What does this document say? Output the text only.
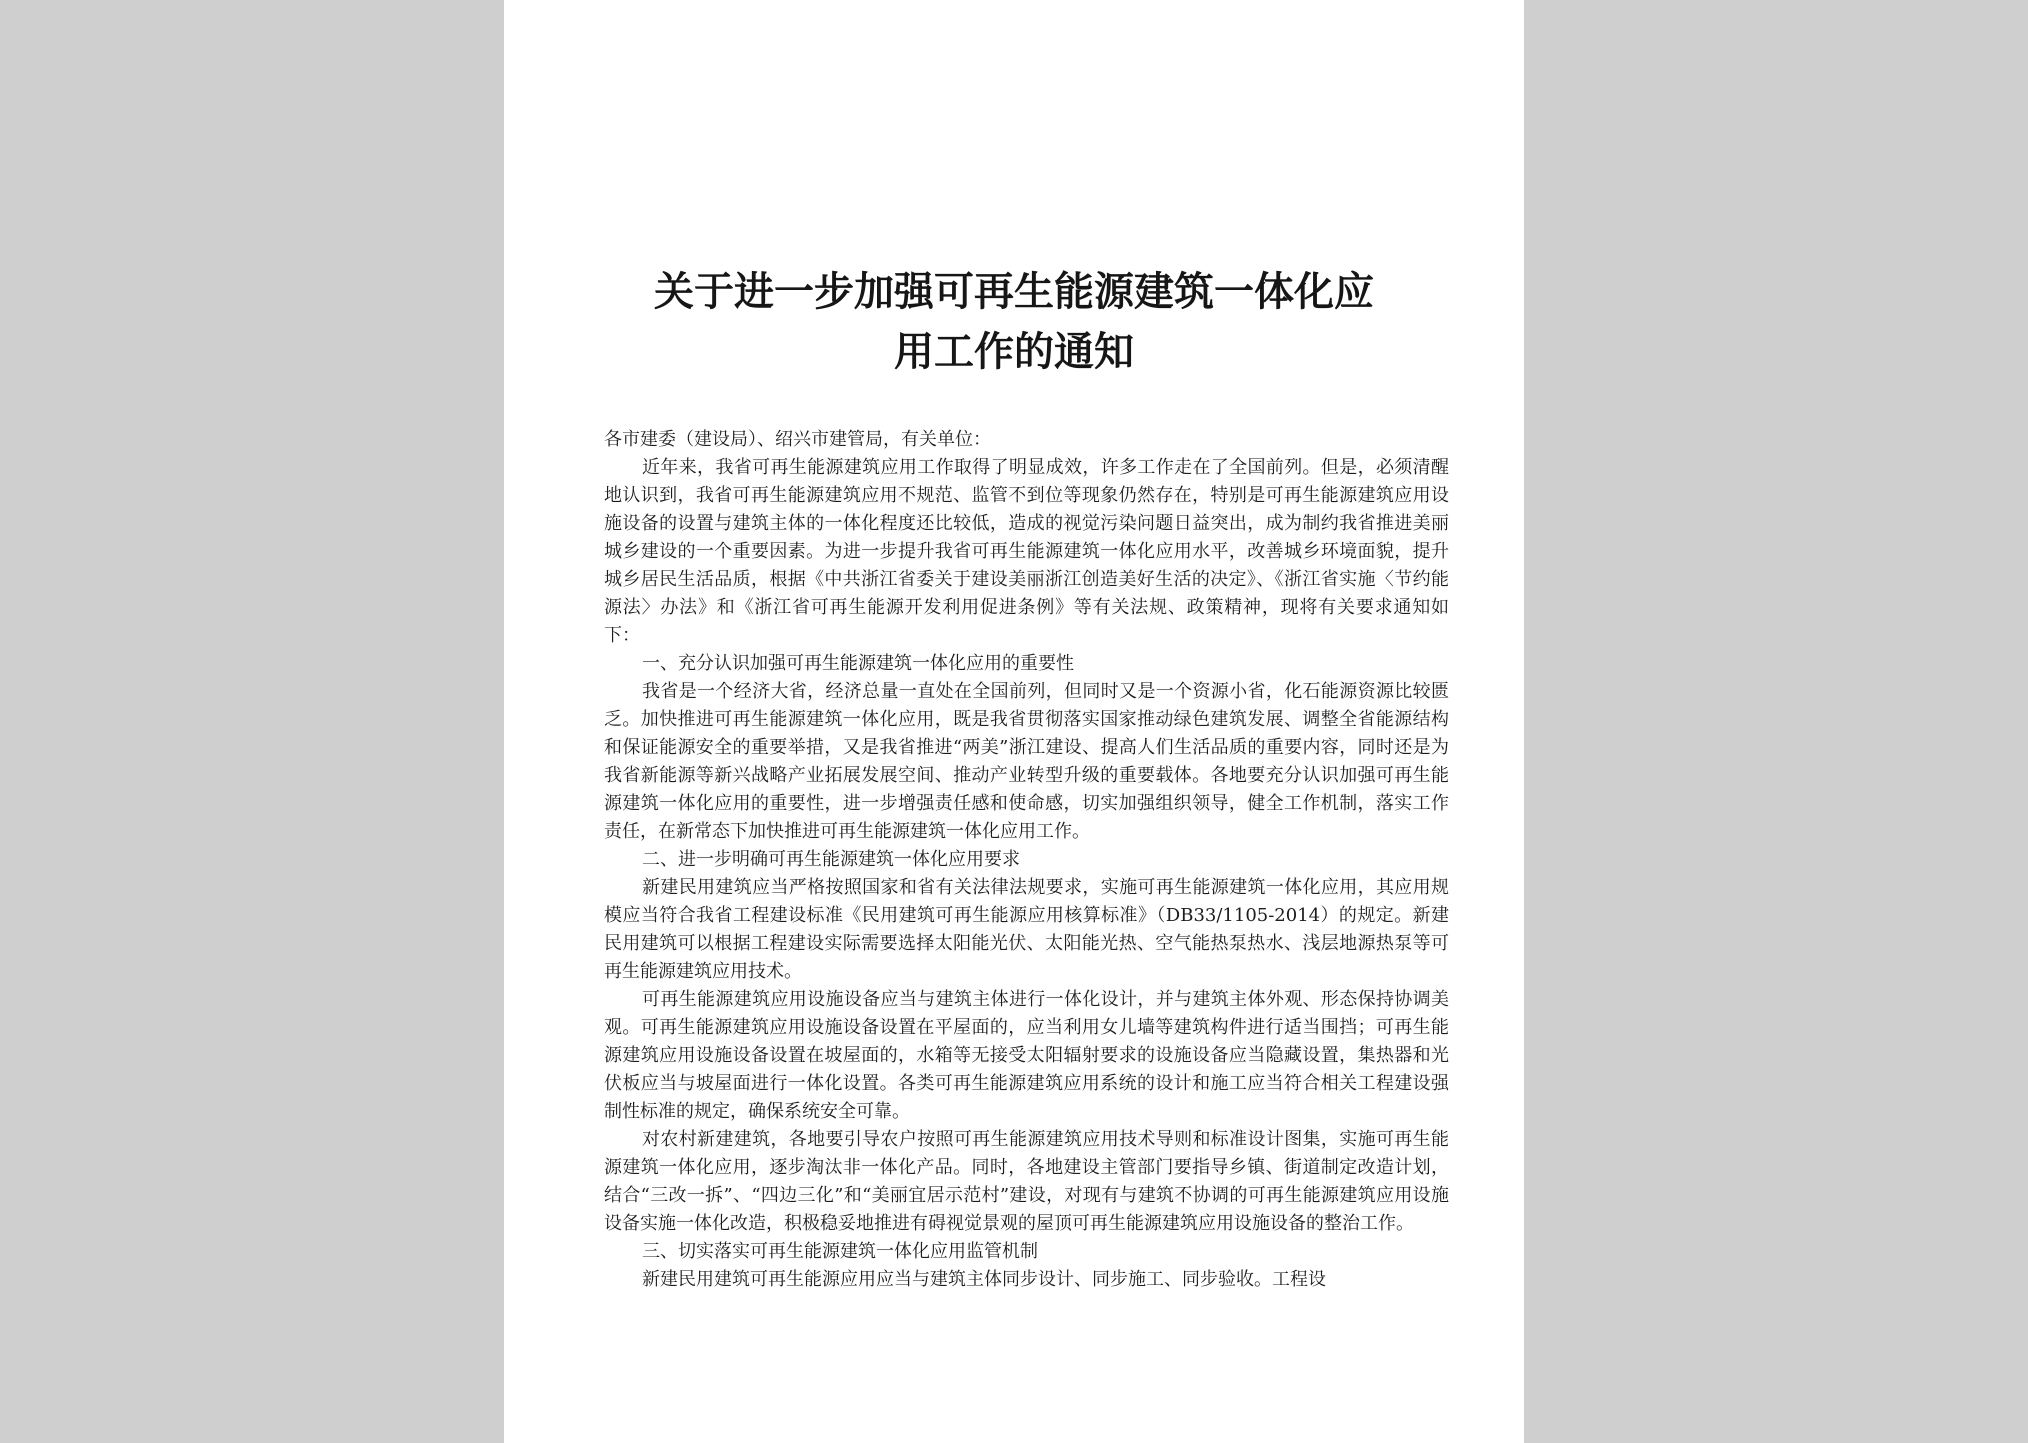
关于进一步加强可再生能源建筑一体化应
用工作的通知

各市建委（建设局）、绍兴市建管局，有关单位：

近年来，我省可再生能源建筑应用工作取得了明显成效，许多工作走在了全国前列。但是，必须清醒地认识到，我省可再生能源建筑应用不规范、监管不到位等现象仍然存在，特别是可再生能源建筑应用设施设备的设置与建筑主体的一体化程度还比较低，造成的视觉污染问题日益突出，成为制约我省推进美丽城乡建设的一个重要因素。为进一步提升我省可再生能源建筑一体化应用水平，改善城乡环境面貌，提升城乡居民生活品质，根据《中共浙江省委关于建设美丽浙江创造美好生活的决定》、《浙江省实施〈节约能源法〉办法》和《浙江省可再生能源开发利用促进条例》等有关法规、政策精神，现将有关要求通知如下：

一、充分认识加强可再生能源建筑一体化应用的重要性

我省是一个经济大省，经济总量一直处在全国前列，但同时又是一个资源小省，化石能源资源比较匮乏。加快推进可再生能源建筑一体化应用，既是我省贯彻落实国家推动绿色建筑发展、调整全省能源结构和保证能源安全的重要举措，又是我省推进“两美”浙江建设、提高人们生活品质的重要内容，同时还是为我省新能源等新兴战略产业拓展发展空间、推动产业转型升级的重要载体。各地要充分认识加强可再生能源建筑一体化应用的重要性，进一步增强责任感和使命感，切实加强组织领导，健全工作机制，落实工作责任，在新常态下加快推进可再生能源建筑一体化应用工作。

二、进一步明确可再生能源建筑一体化应用要求

新建民用建筑应当严格按照国家和省有关法律法规要求，实施可再生能源建筑一体化应用，其应用规模应当符合我省工程建设标准《民用建筑可再生能源应用核算标准》（DB33/1105-2014）的规定。新建民用建筑可以根据工程建设实际需要选择太阳能光伏、太阳能光热、空气能热泵热水、浅层地源热泵等可再生能源建筑应用技术。

可再生能源建筑应用设施设备应当与建筑主体进行一体化设计，并与建筑主体外观、形态保持协调美观。可再生能源建筑应用设施设备设置在平屋面的，应当利用女儿墙等建筑构件进行适当围挡；可再生能源建筑应用设施设备设置在坡屋面的，水箱等无接受太阳辐射要求的设施设备应当隐藏设置，集热器和光伏板应当与坡屋面进行一体化设置。各类可再生能源建筑应用系统的设计和施工应当符合相关工程建设强制性标准的规定，确保系统安全可靠。

对农村新建建筑，各地要引导农户按照可再生能源建筑应用技术导则和标准设计图集，实施可再生能源建筑一体化应用，逐步淘汰非一体化产品。同时，各地建设主管部门要指导乡镇、街道制定改造计划，结合“三改一拆”、“四边三化”和“美丽宜居示范村”建设，对现有与建筑不协调的可再生能源建筑应用设施设备实施一体化改造，积极稳妥地推进有碍视觉景观的屋顶可再生能源建筑应用设施设备的整治工作。

三、切实落实可再生能源建筑一体化应用监管机制

新建民用建筑可再生能源应用应当与建筑主体同步设计、同步施工、同步验收。工程设
